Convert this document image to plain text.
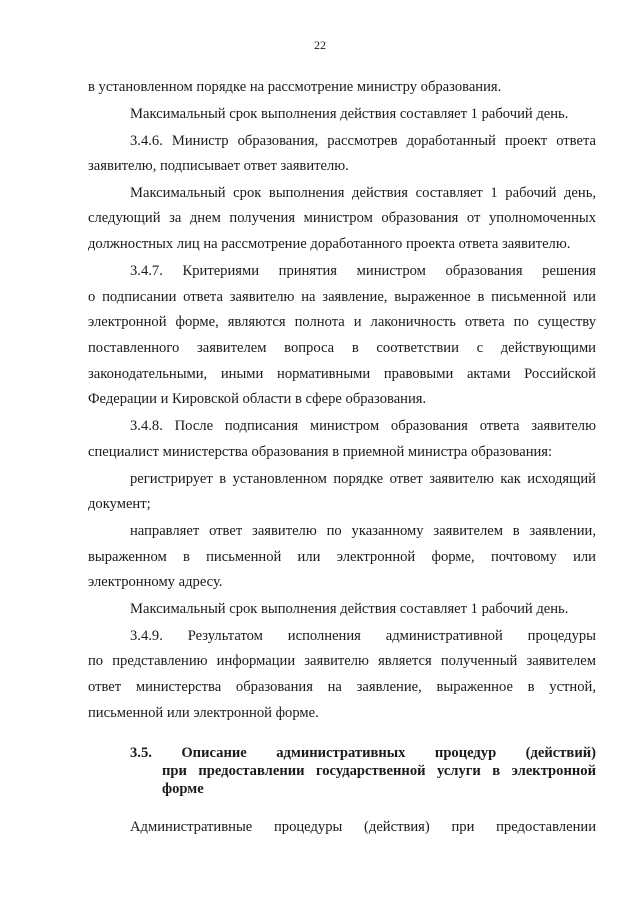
22
в установленном порядке на рассмотрение министру образования.
Максимальный срок выполнения действия составляет 1 рабочий день.
3.4.6. Министр образования, рассмотрев доработанный проект ответа
заявителю, подписывает ответ заявителю.
Максимальный срок выполнения действия составляет 1 рабочий день,
следующий за днем получения министром образования от уполномоченных
должностных лиц на рассмотрение доработанного проекта ответа заявителю.
3.4.7. Критериями принятия министром образования решения
о подписании ответа заявителю на заявление, выраженное в письменной или
электронной форме, являются полнота и лаконичность ответа по существу
поставленного заявителем вопроса в соответствии с действующими
законодательными, иными нормативными правовыми актами Российской
Федерации и Кировской области в сфере образования.
3.4.8. После подписания министром образования ответа заявителю
специалист министерства образования в приемной министра образования:
регистрирует в установленном порядке ответ заявителю как исходящий
документ;
направляет ответ заявителю по указанному заявителем в заявлении,
выраженном в письменной или электронной форме, почтовому или
электронному адресу.
Максимальный срок выполнения действия составляет 1 рабочий день.
3.4.9. Результатом исполнения административной процедуры
по представлению информации заявителю является полученный заявителем
ответ министерства образования на заявление, выраженное в устной,
письменной или электронной форме.
3.5. Описание административных процедур (действий)
при предоставлении государственной услуги в электронной
форме
Административные процедуры (действия) при предоставлении
